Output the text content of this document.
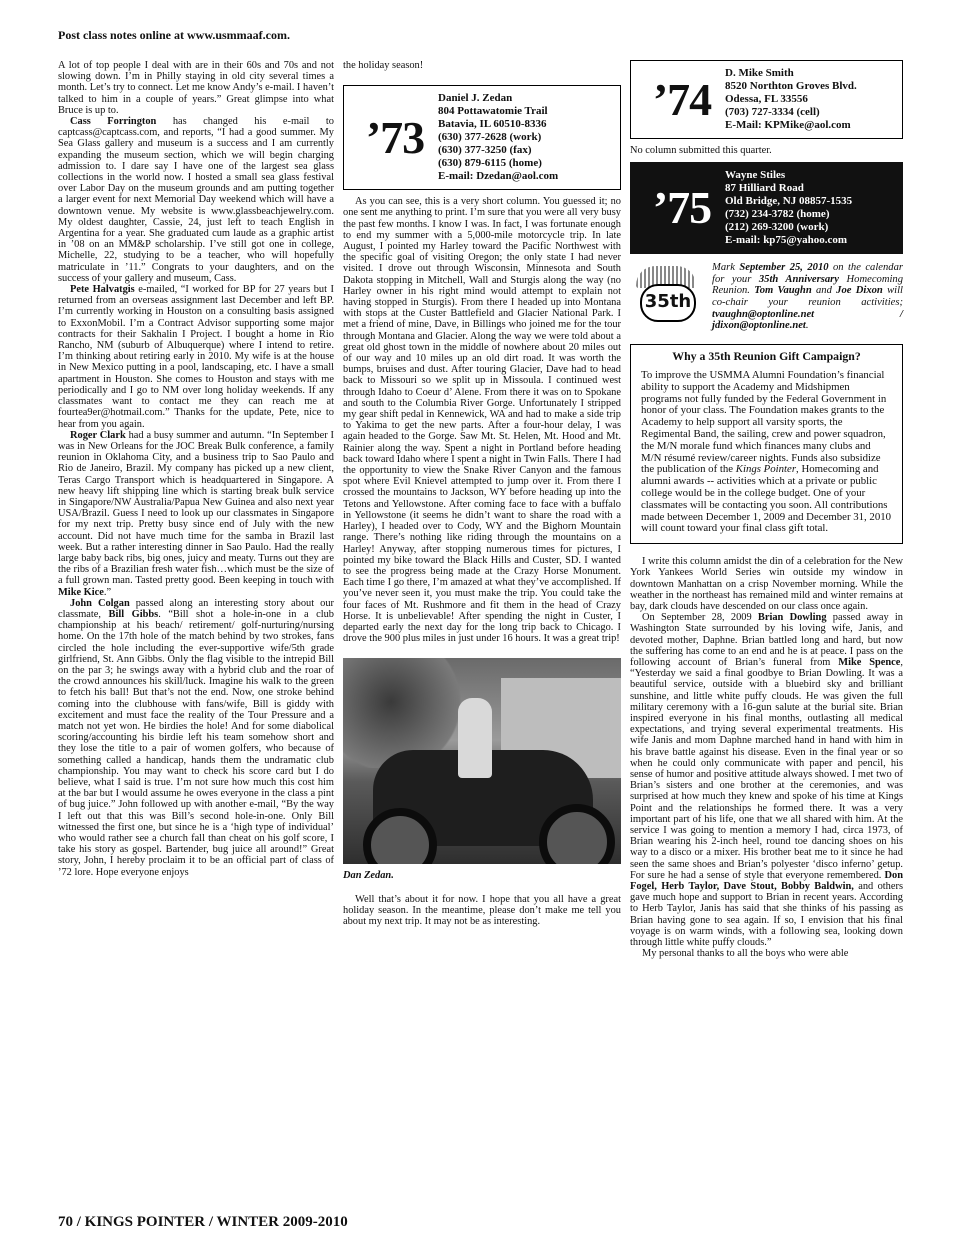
Post class notes online at www.usmmaaf.com.

A lot of top people I deal with are in their 60s and 70s and not slowing down. I’m in Philly staying in old city several times a month. Let’s try to connect. Let me know Andy’s e-mail. I haven’t talked to him in a couple of years.” Great glimpse into what Bruce is up to.

Cass Forrington has changed his e-mail to captcass@captcass.com, and reports, “I had a good summer. My Sea Glass gallery and museum is a success and I am currently expanding the museum section, which we will begin charging admission to. I dare say I have one of the largest sea glass collections in the world now. I hosted a small sea glass festival over Labor Day on the museum grounds and am putting together a larger event for next Memorial Day weekend which will have a downtown venue. My website is www.glassbeachjewelry.com. My oldest daughter, Cassie, 24, just left to teach English in Argentina for a year. She graduated cum laude as a graphic artist in ’08 on an MM&P scholarship. I’ve still got one in college, Michelle, 22, studying to be a teacher, who will hopefully matriculate in ’11.” Congrats to your daughters, and on the success of your gallery and museum, Cass.

Pete Halvatgis e-mailed, “I worked for BP for 27 years but I returned from an overseas assignment last December and left BP. I’m currently working in Houston on a consulting basis assigned to ExxonMobil. I’m a Contract Advisor supporting some major contracts for their Sakhalin I Project. I bought a home in Rio Rancho, NM (suburb of Albuquerque) where I intend to retire. I’m thinking about retiring early in 2010. My wife is at the house in New Mexico putting in a pool, landscaping, etc. I have a small apartment in Houston. She comes to Houston and stays with me periodically and I go to NM over long holiday weekends. If any classmates want to contact me they can reach me at fourtea9er@hotmail.com.” Thanks for the update, Pete, nice to hear from you again.

Roger Clark had a busy summer and autumn. “In September I was in New Orleans for the JOC Break Bulk conference, a family reunion in Oklahoma City, and a business trip to Sao Paulo and Rio de Janeiro, Brazil. My company has picked up a new client, Teras Cargo Transport which is headquartered in Singapore. A new heavy lift shipping line which is starting break bulk service in Singapore/NW Australia/Papua New Guinea and also next year USA/Brazil. Guess I need to look up our classmates in Singapore for my next trip. Pretty busy since end of July with the new account. Did not have much time for the samba in Brazil last week. But a rather interesting dinner in Sao Paulo. Had the really large baby back ribs, big ones, juicy and meaty. Turns out they are the ribs of a Brazilian fresh water fish…which must be the size of a full grown man. Tasted pretty good. Been keeping in touch with Mike Kice.”

John Colgan passed along an interesting story about our classmate, Bill Gibbs. “Bill shot a hole-in-one in a club championship at his beach/ retirement/ golf-nurturing/nursing home. On the 17th hole of the match behind by two strokes, fans circled the hole including the ever-supportive wife/5th grade girlfriend, St. Ann Gibbs. Only the flag visible to the intrepid Bill on the par 3; he swings away with a hybrid club and the roar of the crowd announces his skill/luck. Imagine his walk to the green to fetch his ball! But that’s not the end. Now, one stroke behind coming into the clubhouse with fans/wife, Bill is giddy with excitement and must face the reality of the Tour Pressure and a match not yet won. He birdies the hole! And for some diabolical scoring/accounting his birdie left his team somehow short and they lose the title to a pair of women golfers, who because of something called a handicap, hands them the undramatic club championship. You may want to check his score card but I do believe, what I said is true. I’m not sure how much this cost him at the bar but I would assume he owes everyone in the class a pint of bug juice.” John followed up with another e-mail, “By the way I left out that this was Bill’s second hole-in-one. Only Bill witnessed the first one, but since he is a ‘high type of individual’ who would rather see a church fall than cheat on his golf score, I take his story as gospel. Bartender, bug juice all around!” Great story, John, I hereby proclaim it to be an official part of class of ’72 lore. Hope everyone enjoys

the holiday season!

’73
Daniel J. Zedan
804 Pottawatomie Trail
Batavia, IL 60510-8336
(630) 377-2628 (work)
(630) 377-3250 (fax)
(630) 879-6115 (home)
E-mail: Dzedan@aol.com

As you can see, this is a very short column. You guessed it; no one sent me anything to print. I’m sure that you were all very busy the past few months. I know I was. In fact, I was fortunate enough to end my summer with a 5,000-mile motorcycle trip. In late August, I pointed my Harley toward the Pacific Northwest with the specific goal of visiting Oregon; the only state I had never visited. I drove out through Wisconsin, Minnesota and South Dakota stopping in Mitchell, Wall and Sturgis along the way (no Harley owner in his right mind would attempt to explain not having stopped in Sturgis). From there I headed up into Montana with stops at the Custer Battlefield and Glacier National Park. I met a friend of mine, Dave, in Billings who joined me for the tour through Montana and Glacier. Along the way we were told about a great old ghost town in the middle of nowhere about 20 miles out of our way and 10 miles up an old dirt road. It was worth the bumps, bruises and dust. After touring Glacier, Dave had to head back to Missouri so we split up in Missoula. I continued west through Idaho to Coeur d’ Alene. From there it was on to Spokane and south to the Columbia River Gorge. Unfortunately I stripped my gear shift pedal in Kennewick, WA and had to make a side trip to Yakima to get the new parts. After a four-hour delay, I was again headed to the Gorge. Saw Mt. St. Helen, Mt. Hood and Mt. Rainier along the way. Spent a night in Portland before heading back toward Idaho where I spent a night in Twin Falls. There I had the opportunity to view the Snake River Canyon and the famous spot where Evil Knievel attempted to jump over it. From there I crossed the mountains to Jackson, WY before heading up into the Tetons and Yellowstone. After coming face to face with a buffalo in Yellowstone (it seems he didn’t want to share the road with a Harley), I headed over to Cody, WY and the Bighorn Mountain range. There’s nothing like riding through the mountains on a Harley! Anyway, after stopping numerous times for pictures, I pointed my bike toward the Black Hills and Custer, SD. I wanted to see the progress being made at the Crazy Horse Monument. Each time I go there, I’m amazed at what they’ve accomplished. If you’ve never seen it, you must make the trip. You could take the four faces of Mt. Rushmore and fit them in the head of Crazy Horse. It is unbelievable! After spending the night in Custer, I departed early the next day for the long trip back to Chicago. I drove the 900 plus miles in just under 16 hours. It was a great trip!

Dan Zedan.

Well that’s about it for now. I hope that you all have a great holiday season. In the meantime, please don’t make me tell you about my next trip. It may not be as interesting.

’74
D. Mike Smith
8520 Northton Groves Blvd.
Odessa, FL 33556
(703) 727-3334 (cell)
E-Mail: KPMike@aol.com

No column submitted this quarter.

’75
Wayne Stiles
87 Hilliard Road
Old Bridge, NJ 08857-1535
(732) 234-3782 (home)
(212) 269-3200 (work)
E-mail: kp75@yahoo.com
35th
Mark September 25, 2010 on the calendar for your 35th Anniversary Homecoming Reunion. Tom Vaughn and Joe Dixon will co-chair your reunion activities; tvaughn@optonline.net / jdixon@optonline.net.
Why a 35th Reunion Gift Campaign?
To improve the USMMA Alumni Foundation’s financial ability to support the Academy and Midshipmen programs not fully funded by the Federal Government in honor of your class. The Foundation makes grants to the Academy to help support all varsity sports, the Regimental Band, the sailing, crew and power squadron, the M/N morale fund which finances many clubs and M/N résumé review/career nights. Funds also subsidize the publication of the Kings Pointer, Homecoming and alumni awards -- activities which at a private or public college would be in the college budget. One of your classmates will be contacting you soon. All contributions made between December 1, 2009 and December 31, 2010 will count toward your final class gift total.

I write this column amidst the din of a celebration for the New York Yankees World Series win outside my window in downtown Manhattan on a crisp November morning. While the weather in the northeast has remained mild and winter remains at bay, dark clouds have descended on our class once again.

On September 28, 2009 Brian Dowling passed away in Washington State surrounded by his loving wife, Janis, and devoted mother, Daphne. Brian battled long and hard, but now the suffering has come to an end and he is at peace. I pass on the following account of Brian’s funeral from Mike Spence, “Yesterday we said a final goodbye to Brian Dowling. It was a beautiful service, outside with a bluebird sky and brilliant sunshine, and little white puffy clouds. He was given the full military ceremony with a 16-gun salute at the burial site. Brian inspired everyone in his final months, outlasting all medical expectations, and trying several experimental treatments. His wife Janis and mom Daphne marched hand in hand with him in his brave battle against his disease. Even in the final year or so when he could only communicate with paper and pencil, his sense of humor and positive attitude always showed. I met two of Brian’s sisters and one brother at the ceremonies, and was surprised at how much they knew and spoke of his time at Kings Point and the relationships he formed there. It was a very important part of his life, one that we all shared with him. At the service I was going to mention a memory I had, circa 1973, of Brian wearing his 2-inch heel, round toe dancing shoes on his way to a disco or a mixer. His brother beat me to it since he had seen the same shoes and Brian’s polyester ‘disco inferno’ getup. For sure he had a sense of style that everyone remembered. Don Fogel, Herb Taylor, Dave Stout, Bobby Baldwin, and others gave much hope and support to Brian in recent years. According to Herb Taylor, Janis has said that she thinks of his passing as Brian having gone to sea again. If so, I envision that his final voyage is on warm winds, with a following sea, looking down through little white puffy clouds.”

My personal thanks to all the boys who were able

70 / KINGS POINTER / WINTER 2009-2010
